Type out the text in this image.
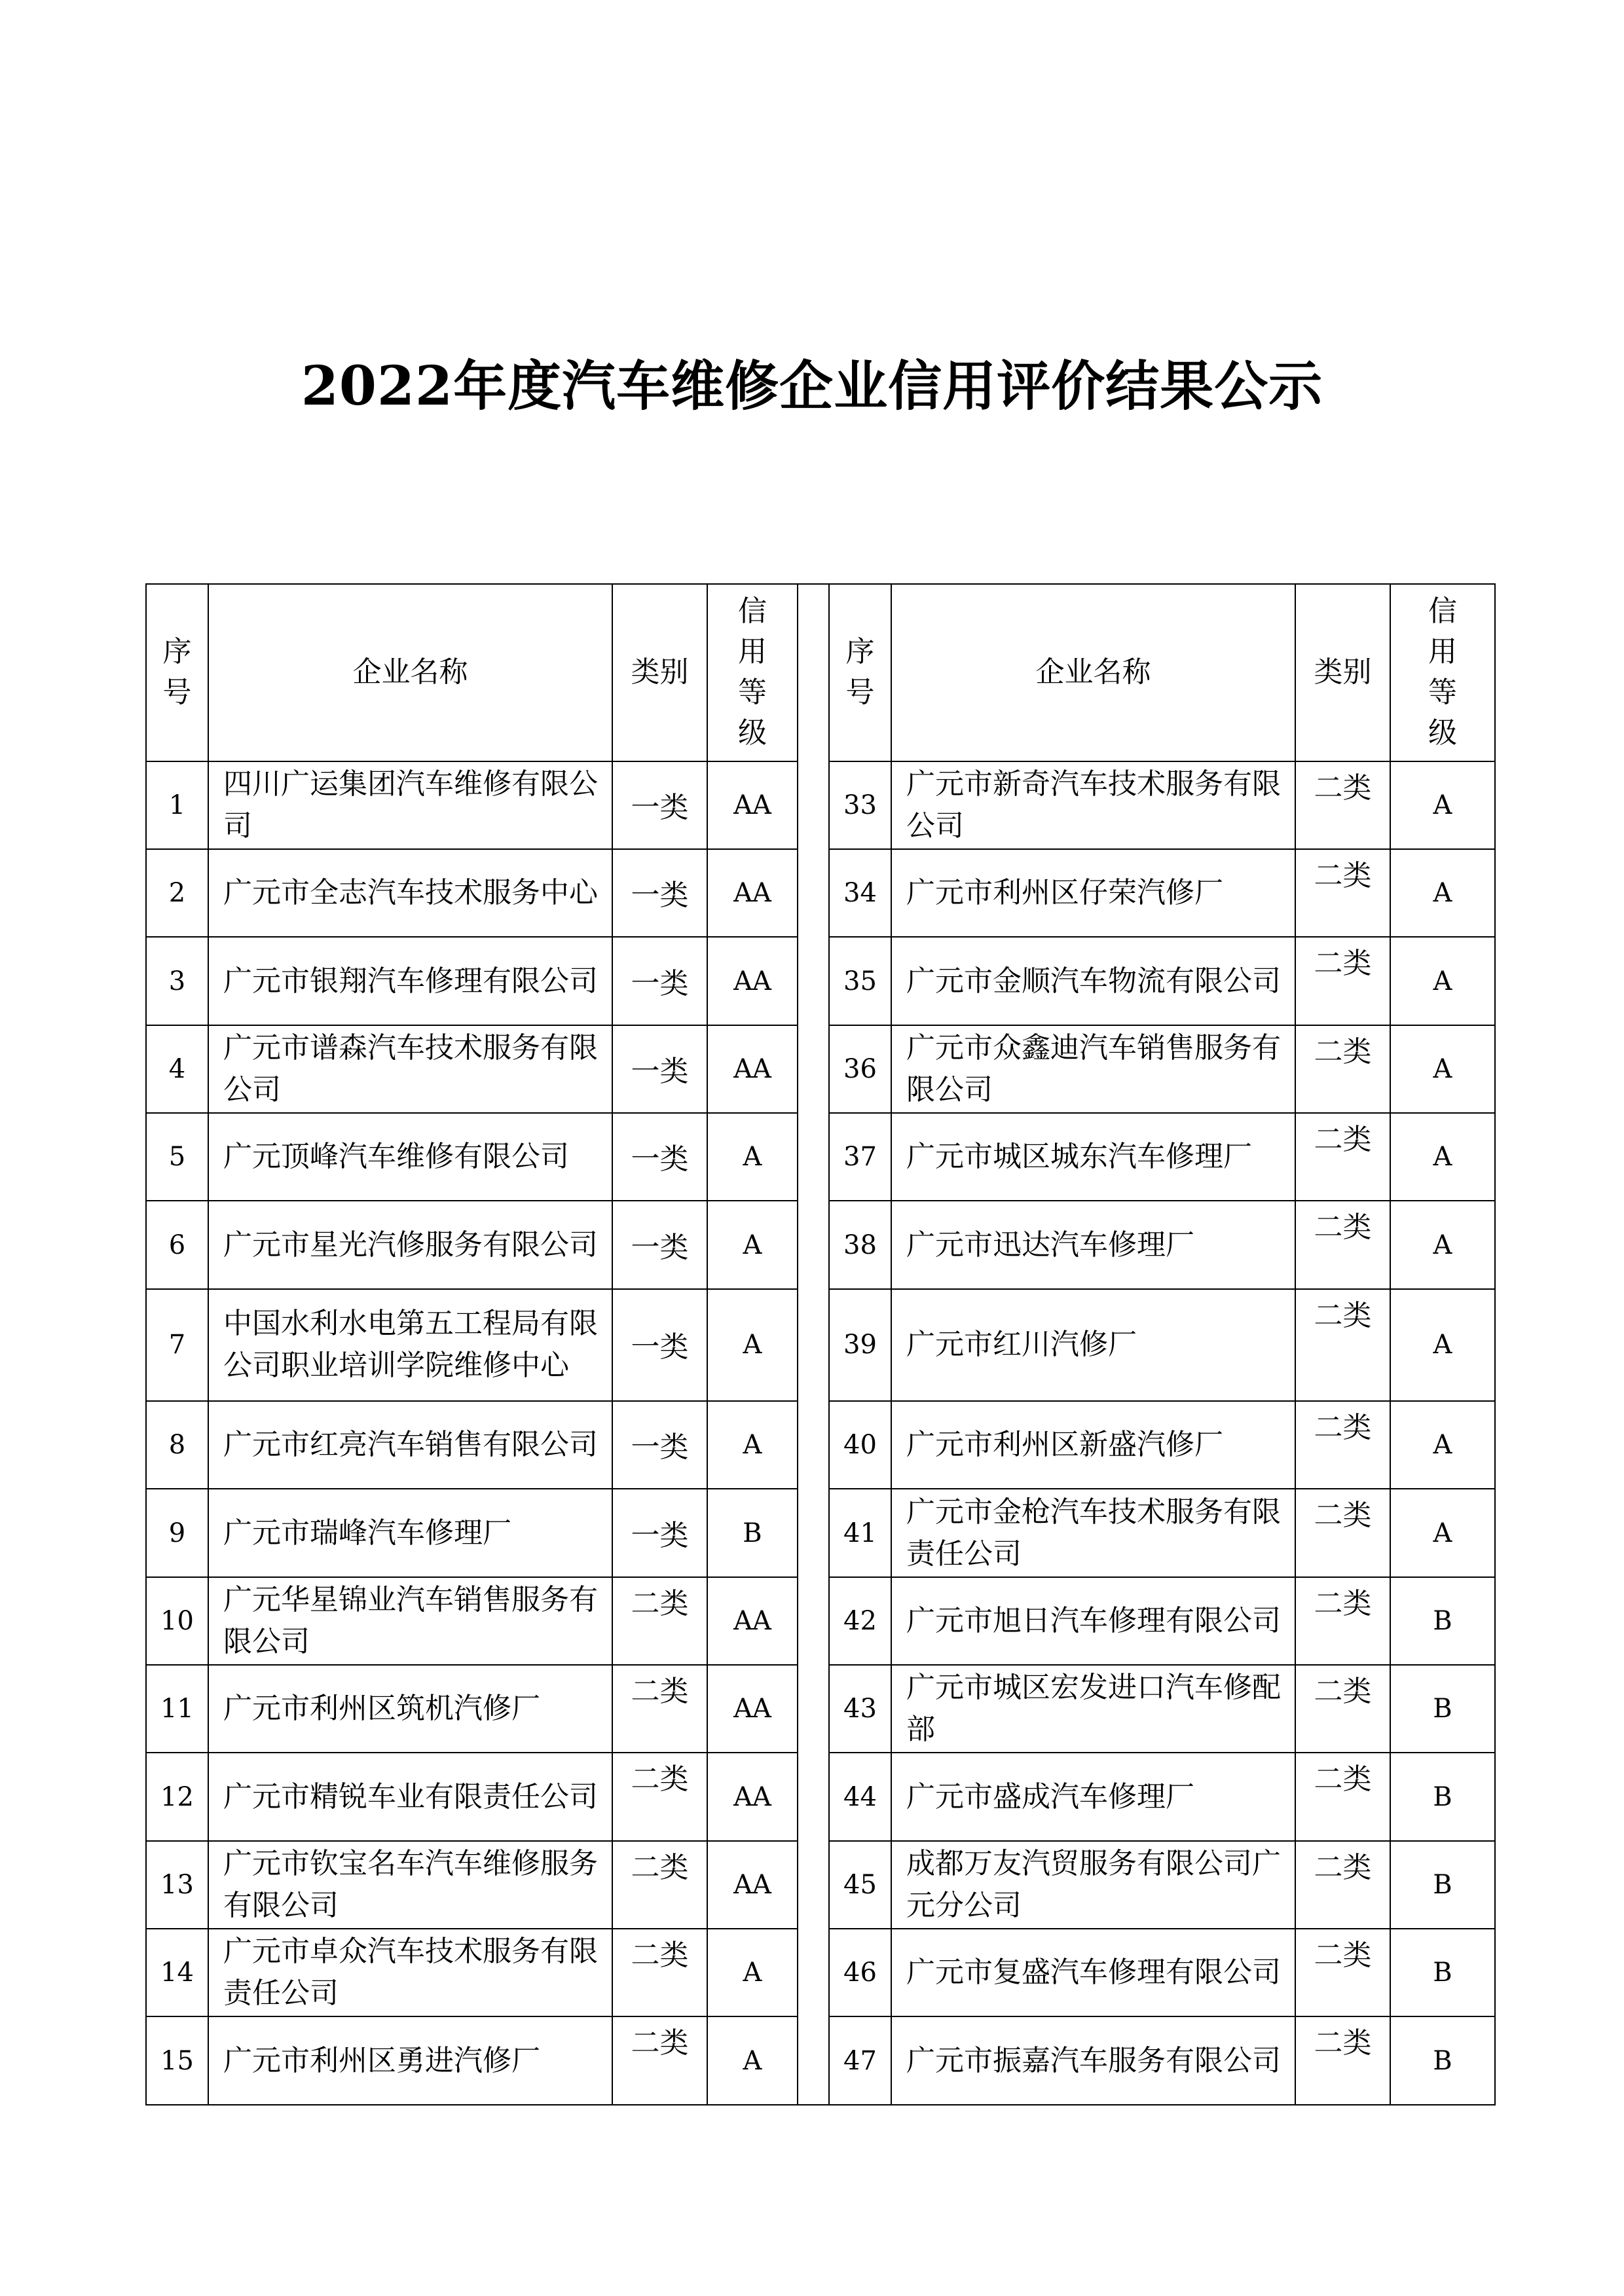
2022年度汽车维修企业信用评价结果公示
序
号	企业名称	类别	信
用
等
级		序
号	企业名称	类别	信
用
等
级

1	四川广运集团汽车维修有限公司	一类	AA		33	广元市新奇汽车技术服务有限公司	二类	A
2	广元市全志汽车技术服务中心	一类	AA		34	广元市利州区仔荣汽修厂	二类	A
3	广元市银翔汽车修理有限公司	一类	AA		35	广元市金顺汽车物流有限公司	二类	A
4	广元市谱森汽车技术服务有限公司	一类	AA		36	广元市众鑫迪汽车销售服务有限公司	二类	A
5	广元顶峰汽车维修有限公司	一类	A		37	广元市城区城东汽车修理厂	二类	A
6	广元市星光汽修服务有限公司	一类	A		38	广元市迅达汽车修理厂	二类	A
7	中国水利水电第五工程局有限公司职业培训学院维修中心	一类	A		39	广元市红川汽修厂	二类	A
8	广元市红亮汽车销售有限公司	一类	A		40	广元市利州区新盛汽修厂	二类	A
9	广元市瑞峰汽车修理厂	一类	B		41	广元市金枪汽车技术服务有限责任公司	二类	A
10	广元华星锦业汽车销售服务有限公司	二类	AA		42	广元市旭日汽车修理有限公司	二类	B
11	广元市利州区筑机汽修厂	二类	AA		43	广元市城区宏发进口汽车修配部	二类	B
12	广元市精锐车业有限责任公司	二类	AA		44	广元市盛成汽车修理厂	二类	B
13	广元市钦宝名车汽车维修服务有限公司	二类	AA		45	成都万友汽贸服务有限公司广元分公司	二类	B
14	广元市卓众汽车技术服务有限责任公司	二类	A		46	广元市复盛汽车修理有限公司	二类	B
15	广元市利州区勇进汽修厂	二类	A		47	广元市振嘉汽车服务有限公司	二类	B
